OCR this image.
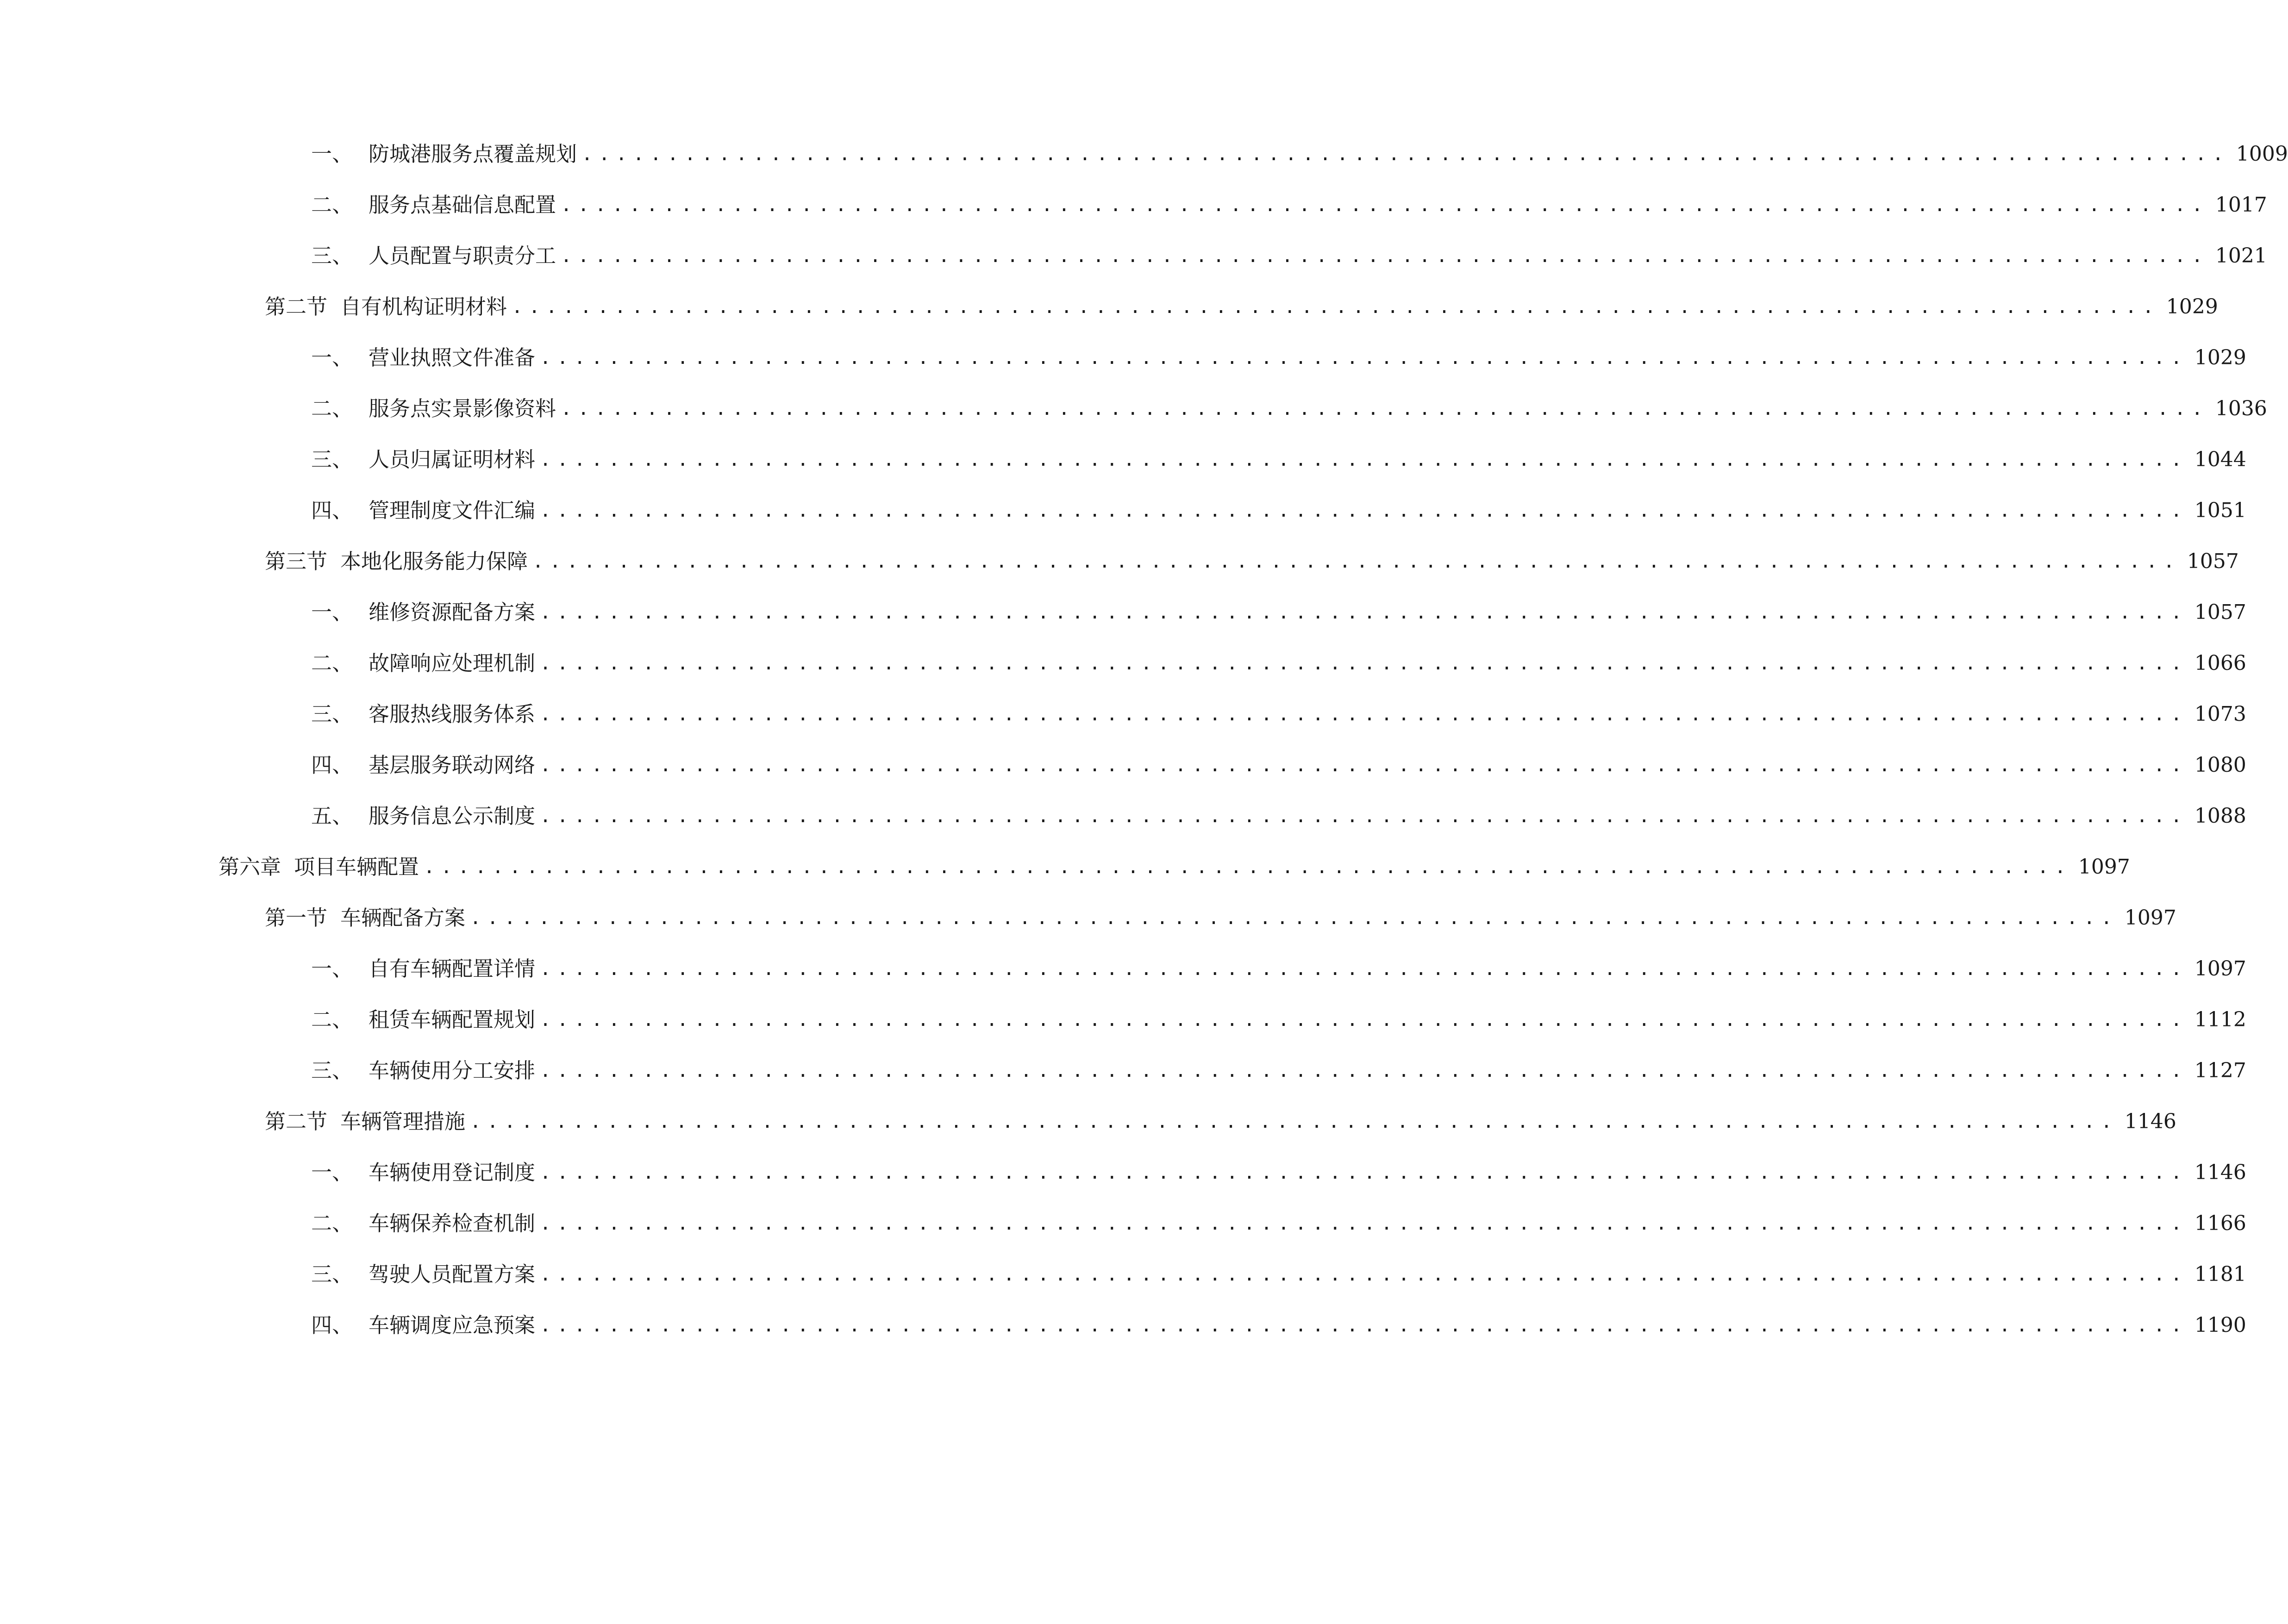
一、 防城港服务点覆盖规划 ................................................................................................ 1009
二、 服务点基础信息配置 ................................................................................................ 1017
三、 人员配置与职责分工 ................................................................................................ 1021
第二节 自有机构证明材料 ................................................................................................ 1029
一、 营业执照文件准备 ................................................................................................ 1029
二、 服务点实景影像资料 ................................................................................................ 1036
三、 人员归属证明材料 ................................................................................................ 1044
四、 管理制度文件汇编 ................................................................................................ 1051
第三节 本地化服务能力保障 ................................................................................................ 1057
一、 维修资源配备方案 ................................................................................................ 1057
二、 故障响应处理机制 ................................................................................................ 1066
三、 客服热线服务体系 ................................................................................................ 1073
四、 基层服务联动网络 ................................................................................................ 1080
五、 服务信息公示制度 ................................................................................................ 1088
第六章 项目车辆配置 ................................................................................................ 1097
第一节 车辆配备方案 ................................................................................................ 1097
一、 自有车辆配置详情 ................................................................................................ 1097
二、 租赁车辆配置规划 ................................................................................................ 1112
三、 车辆使用分工安排 ................................................................................................ 1127
第二节 车辆管理措施 ................................................................................................ 1146
一、 车辆使用登记制度 ................................................................................................ 1146
二、 车辆保养检查机制 ................................................................................................ 1166
三、 驾驶人员配置方案 ................................................................................................ 1181
四、 车辆调度应急预案 ................................................................................................ 1190
